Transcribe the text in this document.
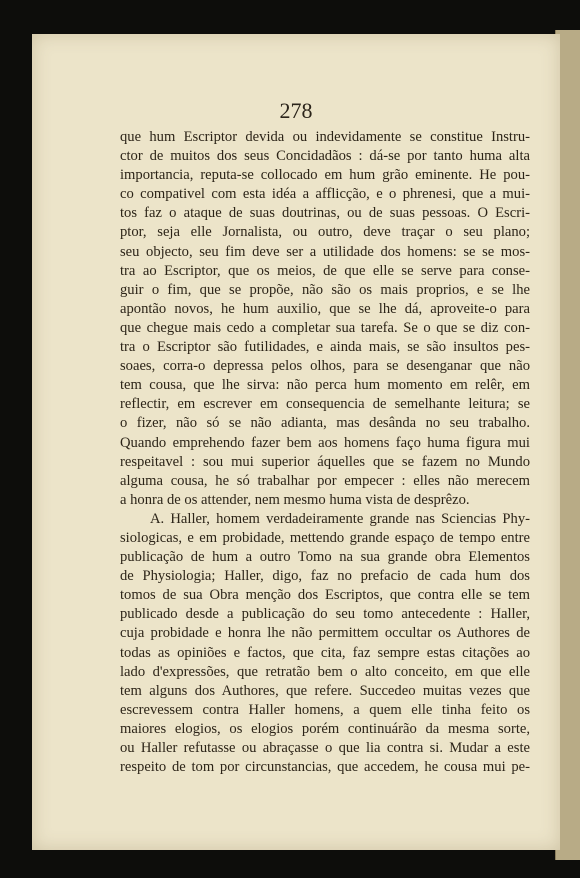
278
que hum Escriptor devida ou indevidamente se constitue Instru-
ctor de muitos dos seus Concidadãos : dá-se por tanto huma alta
importancia, reputa-se collocado em hum grão eminente. He pou-
co compativel com esta idéa a afflicção, e o phrenesi, que a mui-
tos faz o ataque de suas doutrinas, ou de suas pessoas. O Escri-
ptor, seja elle Jornalista, ou outro, deve traçar o seu plano;
seu objecto, seu fim deve ser a utilidade dos homens: se se mos-
tra ao Escriptor, que os meios, de que elle se serve para conse-
guir o fim, que se propõe, não são os mais proprios, e se lhe
apontão novos, he hum auxilio, que se lhe dá, aproveite-o para
que chegue mais cedo a completar sua tarefa. Se o que se diz con-
tra o Escriptor são futilidades, e ainda mais, se são insultos pes-
soaes, corra-o depressa pelos olhos, para se desenganar que não
tem cousa, que lhe sirva: não perca hum momento em relêr, em
reflectir, em escrever em consequencia de semelhante leitura; se
o fizer, não só se não adianta, mas desânda no seu trabalho.
Quando emprehendo fazer bem aos homens faço huma figura mui
respeitavel : sou mui superior áquelles que se fazem no Mundo
alguma cousa, he só trabalhar por empecer : elles não merecem
a honra de os attender, nem mesmo huma vista de desprêzo.
A. Haller, homem verdadeiramente grande nas Sciencias Phy-
siologicas, e em probidade, mettendo grande espaço de tempo entre
publicação de hum a outro Tomo na sua grande obra Elementos
de Physiologia; Haller, digo, faz no prefacio de cada hum dos
tomos de sua Obra menção dos Escriptos, que contra elle se tem
publicado desde a publicação do seu tomo antecedente : Haller,
cuja probidade e honra lhe não permittem occultar os Authores de
todas as opiniões e factos, que cita, faz sempre estas citações ao
lado d'expressões, que retratão bem o alto conceito, em que elle
tem alguns dos Authores, que refere. Succedeo muitas vezes que
escrevessem contra Haller homens, a quem elle tinha feito os
maiores elogios, os elogios porém continuárão da mesma sorte,
ou Haller refutasse ou abraçasse o que lia contra si. Mudar a este
respeito de tom por circunstancias, que accedem, he cousa mui pe-
